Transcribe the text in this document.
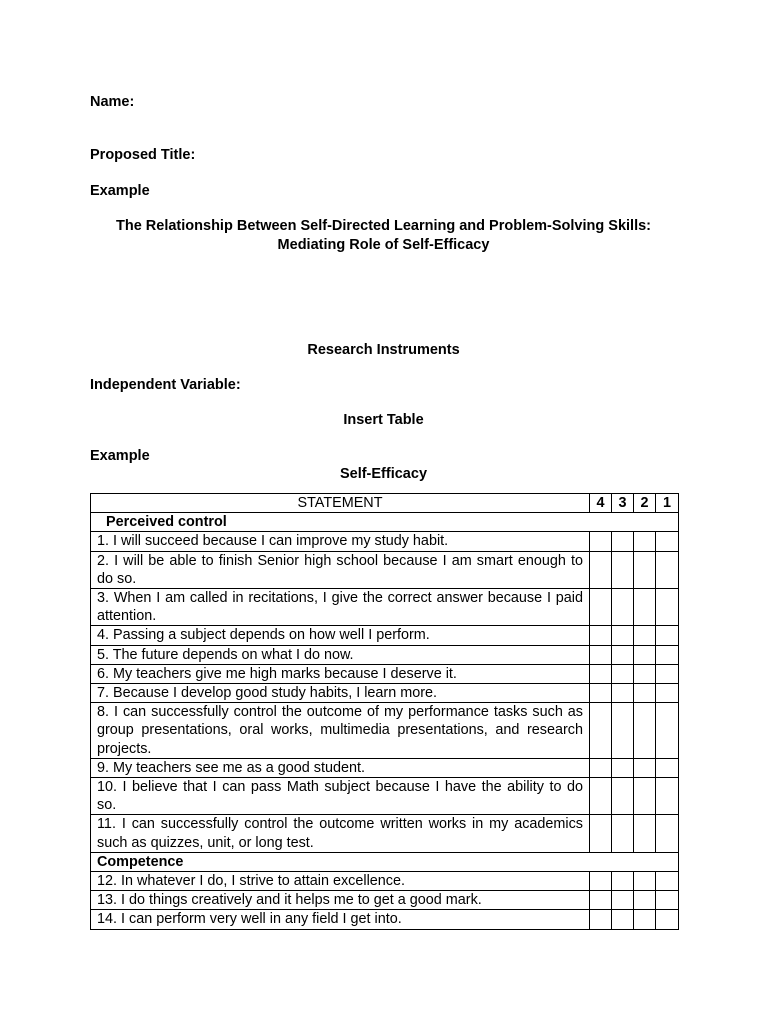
Name:
Proposed Title:
Example
The Relationship Between Self-Directed Learning and Problem-Solving Skills:
Mediating Role of Self-Efficacy
Research Instruments
Independent Variable:
Insert Table
Example
Self-Efficacy
STATEMENT	4	3	2	1
Perceived control				
1. I will succeed because I can improve my study habit.				
2. I will be able to finish Senior high school because I am smart enough to do so.				
3. When I am called in recitations, I give the correct answer because I paid attention.				
4. Passing a subject depends on how well I perform.				
5. The future depends on what I do now.				
6. My teachers give me high marks because I deserve it.				
7. Because I develop good study habits, I learn more.				
8. I can successfully control the outcome of my performance tasks such as group presentations, oral works, multimedia presentations, and research projects.				
9. My teachers see me as a good student.				
10. I believe that I can pass Math subject because I have the ability to do so.				
11. I can successfully control the outcome written works in my academics such as quizzes, unit, or long test.				
Competence				
12. In whatever I do, I strive to attain excellence.				
13. I do things creatively and it helps me to get a good mark.				
14. I can perform very well in any field I get into.				
